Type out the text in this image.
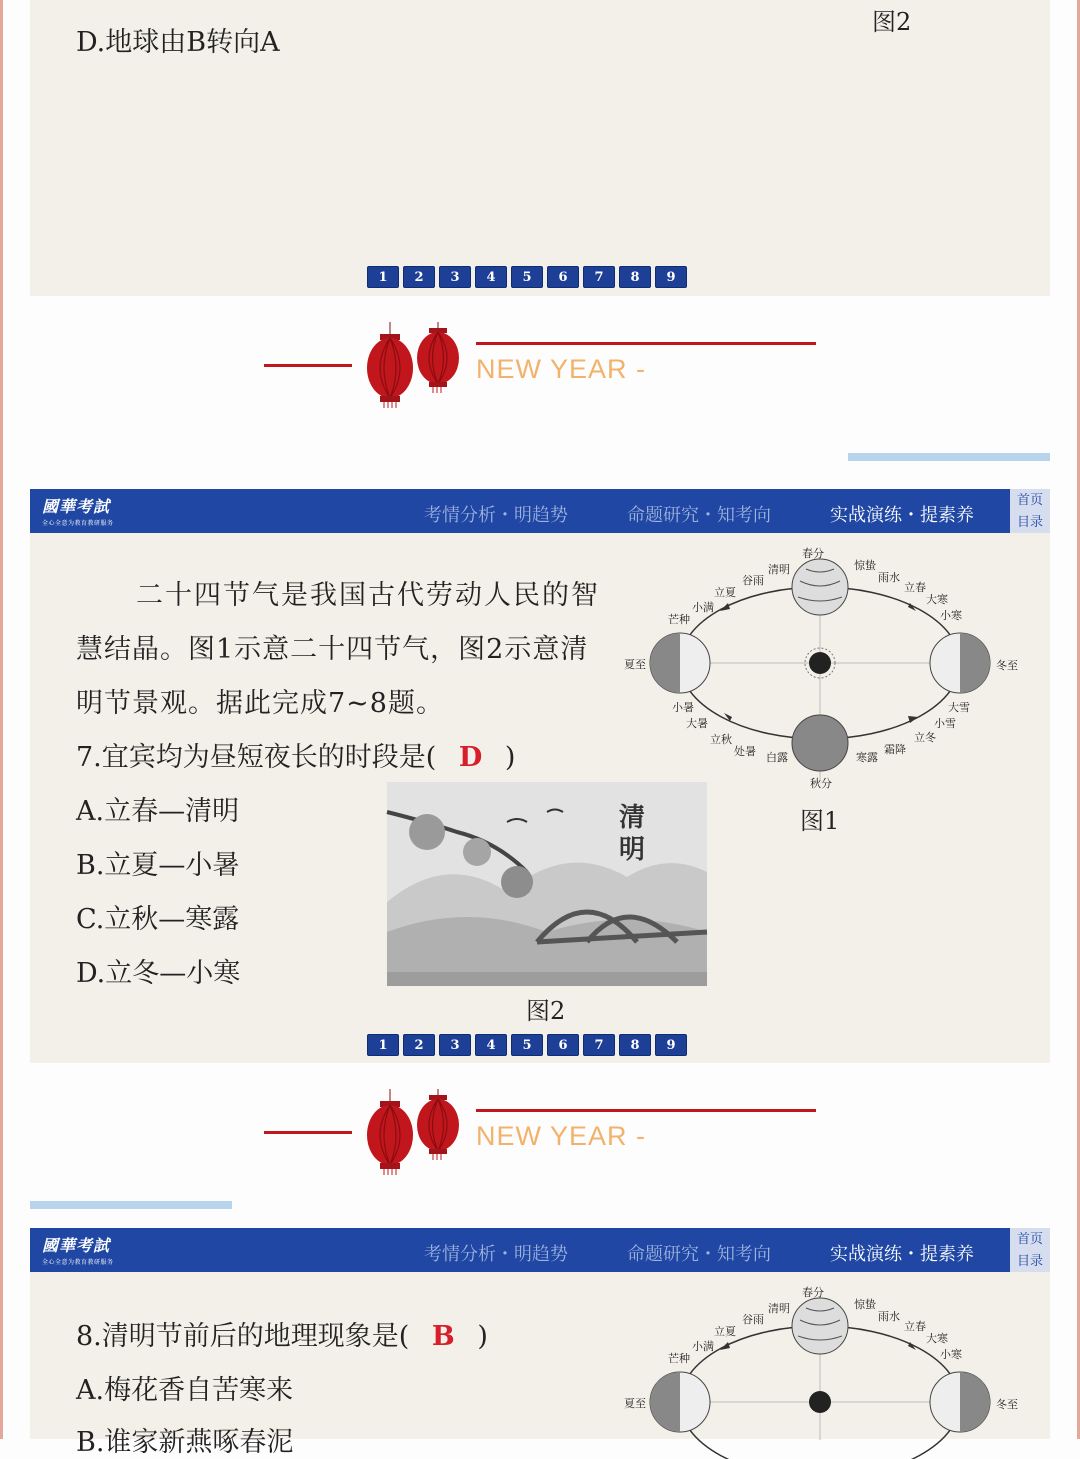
D.地球由B转向A
图2
1	2	3	4	5	6	7	8	9
NEW YEAR -
國華考試
全心全意为教育教研服务	考情分析・明趋势	命题研究・知考向	实战演练・提素养
首页
目录
二十四节气是我国古代劳动人民的智
慧结晶。图1示意二十四节气，图2示意清
明节景观。据此完成7~8题。
7.宜宾均为昼短夜长的时段是( D )
A.立春—清明
B.立夏—小暑
C.立秋—寒露
D.立冬—小寒
春分
清明
谷雨
立夏
小满
芒种
夏至
小暑
大暑
立秋
处暑 白露
秋分
寒露
霜降
立冬
小雪
大雪
冬至
小寒
大寒
立春
雨水
惊蛰
图1
清
明
图2
1	2	3	4	5	6	7	8	9
NEW YEAR -
國華考試
全心全意为教育教研服务	考情分析・明趋势	命题研究・知考向	实战演练・提素养
首页
目录
8.清明节前后的地理现象是( B )
A.梅花香自苦寒来
B.谁家新燕啄春泥
春分
清明
谷雨
立夏
小满
芒种
夏至	冬至
小寒
大寒
立春
雨水
惊蛰
